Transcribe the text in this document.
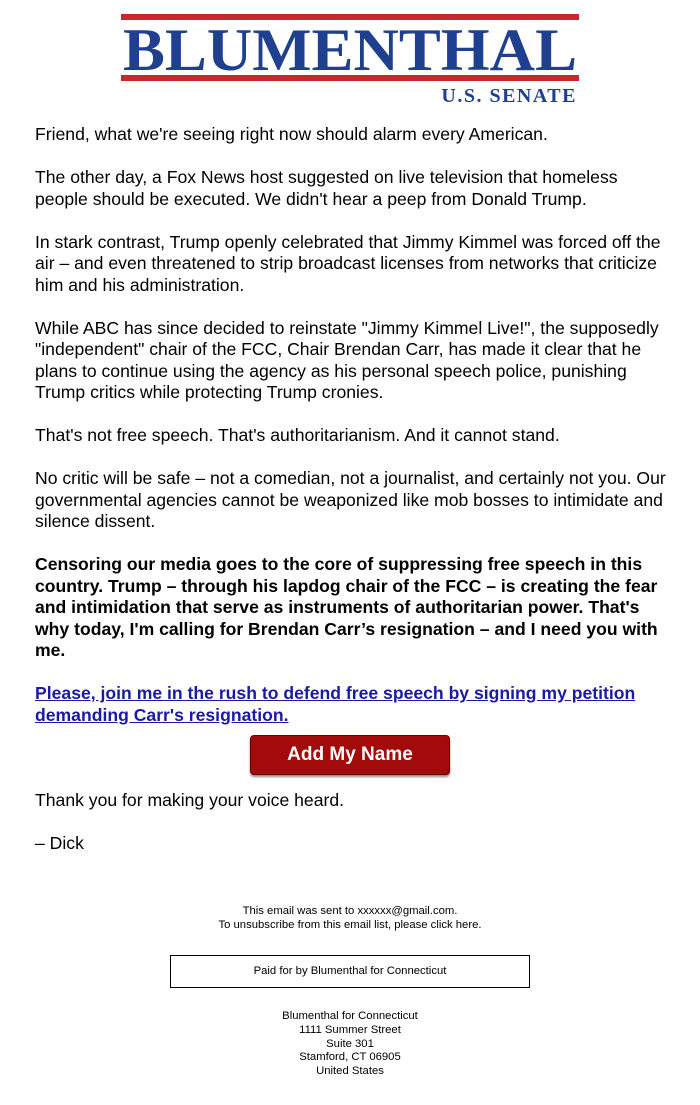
BLUMENTHAL
U.S. SENATE

Friend, what we're seeing right now should alarm every American.

The other day, a Fox News host suggested on live television that homeless people should be executed. We didn't hear a peep from Donald Trump.

In stark contrast, Trump openly celebrated that Jimmy Kimmel was forced off the air – and even threatened to strip broadcast licenses from networks that criticize him and his administration.

While ABC has since decided to reinstate "Jimmy Kimmel Live!", the supposedly "independent" chair of the FCC, Chair Brendan Carr, has made it clear that he plans to continue using the agency as his personal speech police, punishing Trump critics while protecting Trump cronies.

That's not free speech. That's authoritarianism. And it cannot stand.

No critic will be safe – not a comedian, not a journalist, and certainly not you. Our governmental agencies cannot be weaponized like mob bosses to intimidate and silence dissent.

Censoring our media goes to the core of suppressing free speech in this country. Trump – through his lapdog chair of the FCC – is creating the fear and intimidation that serve as instruments of authoritarian power. That's why today, I'm calling for Brendan Carr’s resignation – and I need you with me.

Please, join me in the rush to defend free speech by signing my petition demanding Carr's resignation.

Add My Name

Thank you for making your voice heard.

– Dick

This email was sent to xxxxxx@gmail.com.
To unsubscribe from this email list, please click here.
Paid for by Blumenthal for Connecticut
Blumenthal for Connecticut
1111 Summer Street
Suite 301
Stamford, CT 06905
United States
